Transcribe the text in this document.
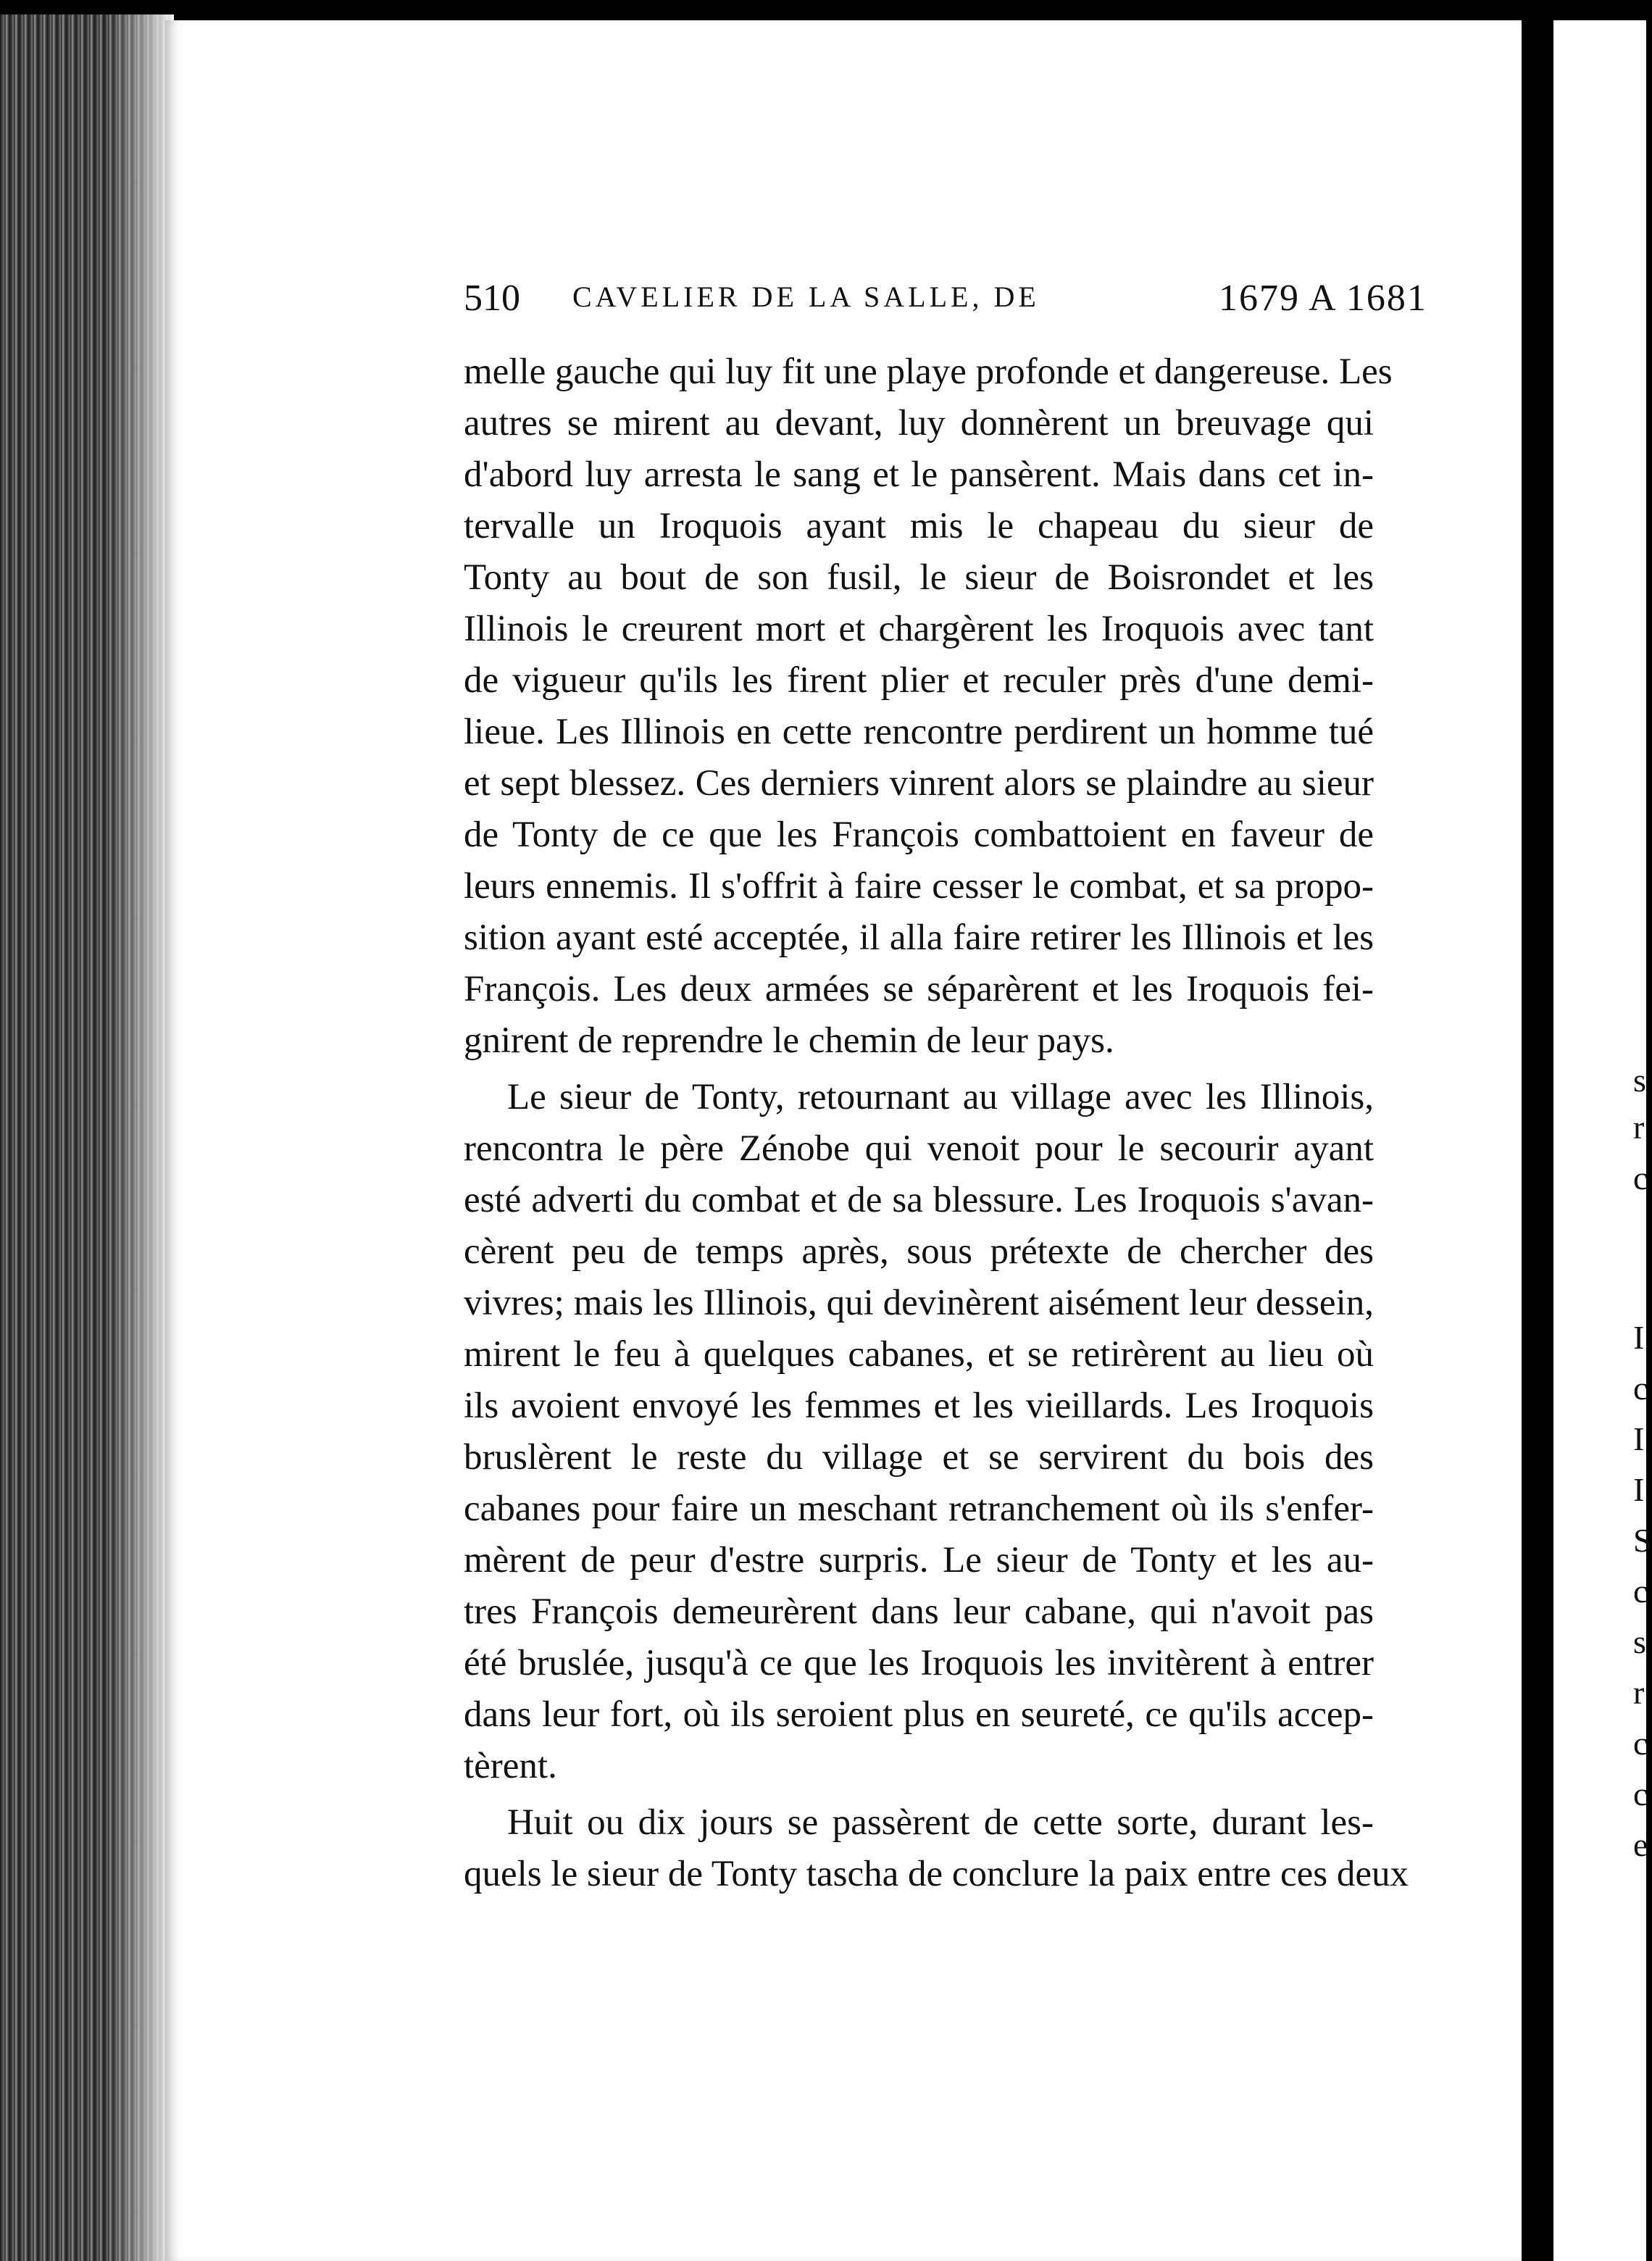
s
r
c
I
c
I
I
S
c
s
r
c
c
e
510 CAVELIER DE LA SALLE, DE	1679 A 1681
melle gauche qui luy fit une playe profonde et dangereuse. Les
autres se mirent au devant, luy donnèrent un breuvage qui
d'abord luy arresta le sang et le pansèrent. Mais dans cet in-
tervalle un Iroquois ayant mis le chapeau du sieur de
Tonty au bout de son fusil, le sieur de Boisrondet et les
Illinois le creurent mort et chargèrent les Iroquois avec tant
de vigueur qu'ils les firent plier et reculer près d'une demi-
lieue. Les Illinois en cette rencontre perdirent un homme tué
et sept blessez. Ces derniers vinrent alors se plaindre au sieur
de Tonty de ce que les François combattoient en faveur de
leurs ennemis. Il s'offrit à faire cesser le combat, et sa propo-
sition ayant esté acceptée, il alla faire retirer les Illinois et les
François. Les deux armées se séparèrent et les Iroquois fei-
gnirent de reprendre le chemin de leur pays.
Le sieur de Tonty, retournant au village avec les Illinois,
rencontra le père Zénobe qui venoit pour le secourir ayant
esté adverti du combat et de sa blessure. Les Iroquois s'avan-
cèrent peu de temps après, sous prétexte de chercher des
vivres; mais les Illinois, qui devinèrent aisément leur dessein,
mirent le feu à quelques cabanes, et se retirèrent au lieu où
ils avoient envoyé les femmes et les vieillards. Les Iroquois
bruslèrent le reste du village et se servirent du bois des
cabanes pour faire un meschant retranchement où ils s'enfer-
mèrent de peur d'estre surpris. Le sieur de Tonty et les au-
tres François demeurèrent dans leur cabane, qui n'avoit pas
été bruslée, jusqu'à ce que les Iroquois les invitèrent à entrer
dans leur fort, où ils seroient plus en seureté, ce qu'ils accep-
tèrent.
Huit ou dix jours se passèrent de cette sorte, durant les-
quels le sieur de Tonty tascha de conclure la paix entre ces deux
